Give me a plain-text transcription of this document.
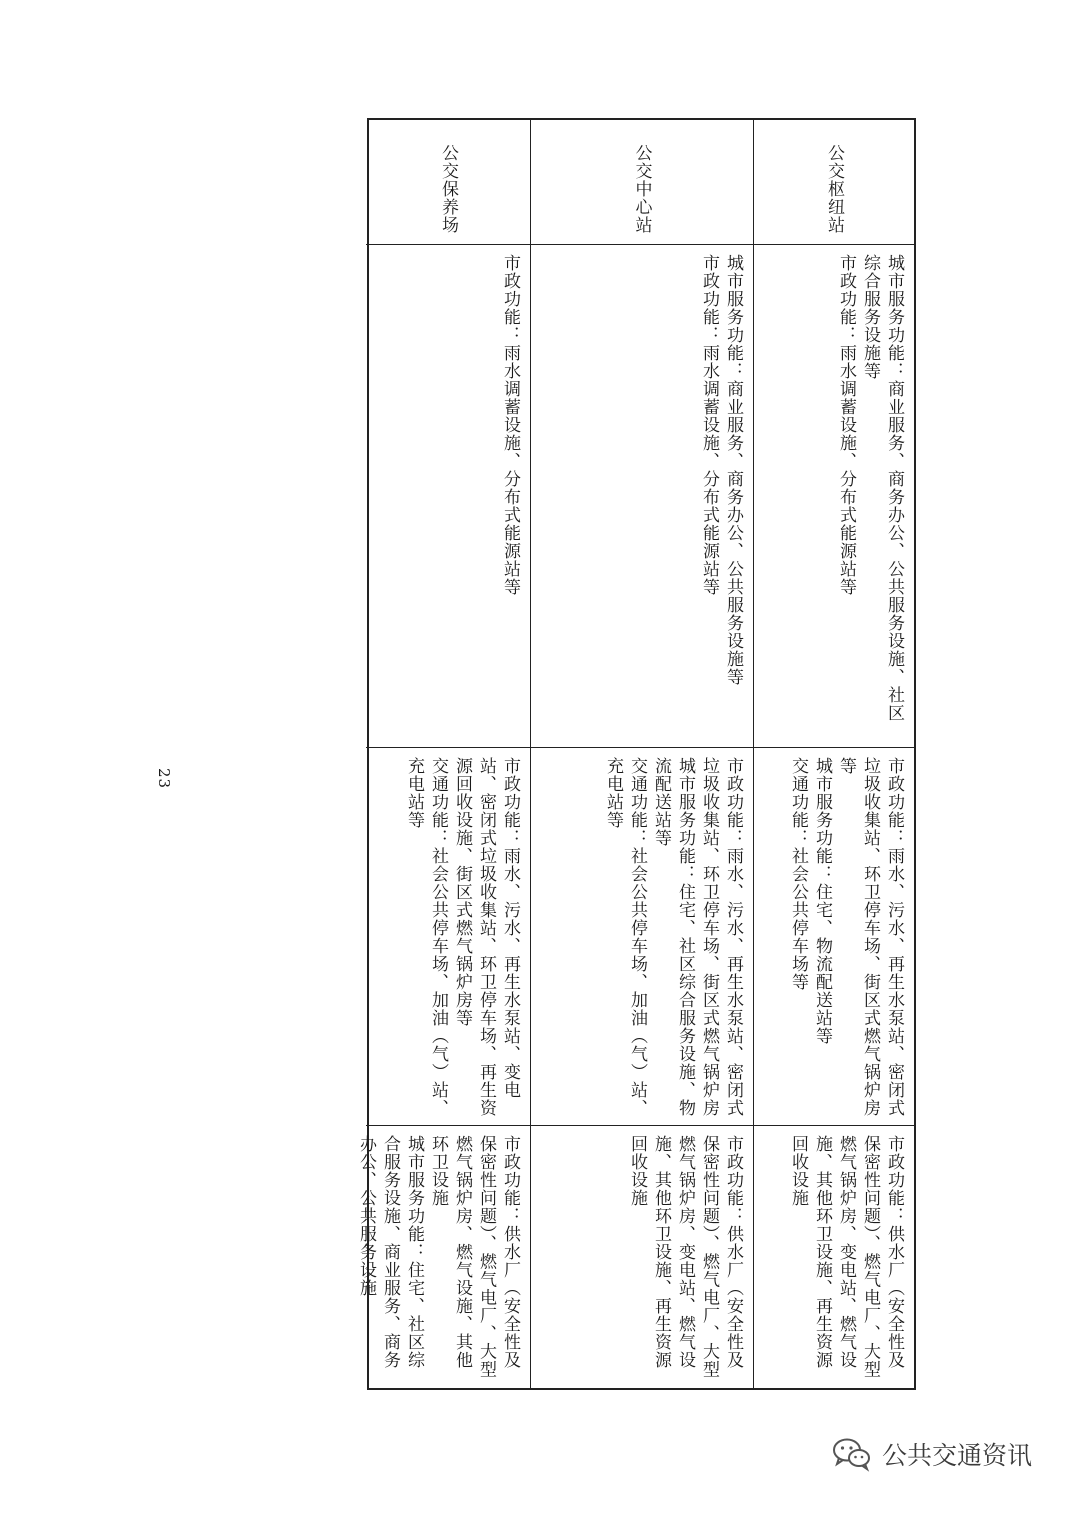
公交枢纽站
城市服务功能：商业服务、商务办公、公共服务设施、社区综合服务设施等
市政功能：雨水调蓄设施、分布式能源站等
市政功能：雨水、污水、再生水泵站、密闭式垃圾收集站、环卫停车场、街区式燃气锅炉房等
城市服务功能：住宅、物流配送站等
交通功能：社会公共停车场等
市政功能：供水厂（安全性及保密性问题）、燃气电厂、大型燃气锅炉房、变电站、燃气设施、其他环卫设施、再生资源回收设施
公交中心站
城市服务功能：商业服务、商务办公、公共服务设施等
市政功能：雨水调蓄设施、分布式能源站等
市政功能：雨水、污水、再生水泵站、密闭式垃圾收集站、环卫停车场、街区式燃气锅炉房
城市服务功能：住宅、社区综合服务设施、物流配送站等
交通功能：社会公共停车场、加油（气）站、充电站等
市政功能：供水厂（安全性及保密性问题）、燃气电厂、大型燃气锅炉房、变电站、燃气设施、其他环卫设施、再生资源回收设施
公交保养场
市政功能：雨水调蓄设施、分布式能源站等
市政功能：雨水、污水、再生水泵站、变电站、密闭式垃圾收集站、环卫停车场、再生资源回收设施、街区式燃气锅炉房等
交通功能：社会公共停车场、加油（气）站、充电站等
市政功能：供水厂（安全性及保密性问题）、燃气电厂、大型燃气锅炉房、燃气设施、其他环卫设施
城市服务功能：住宅、社区综合服务设施、商业服务、商务办公、公共服务设施
23
公共交通资讯
